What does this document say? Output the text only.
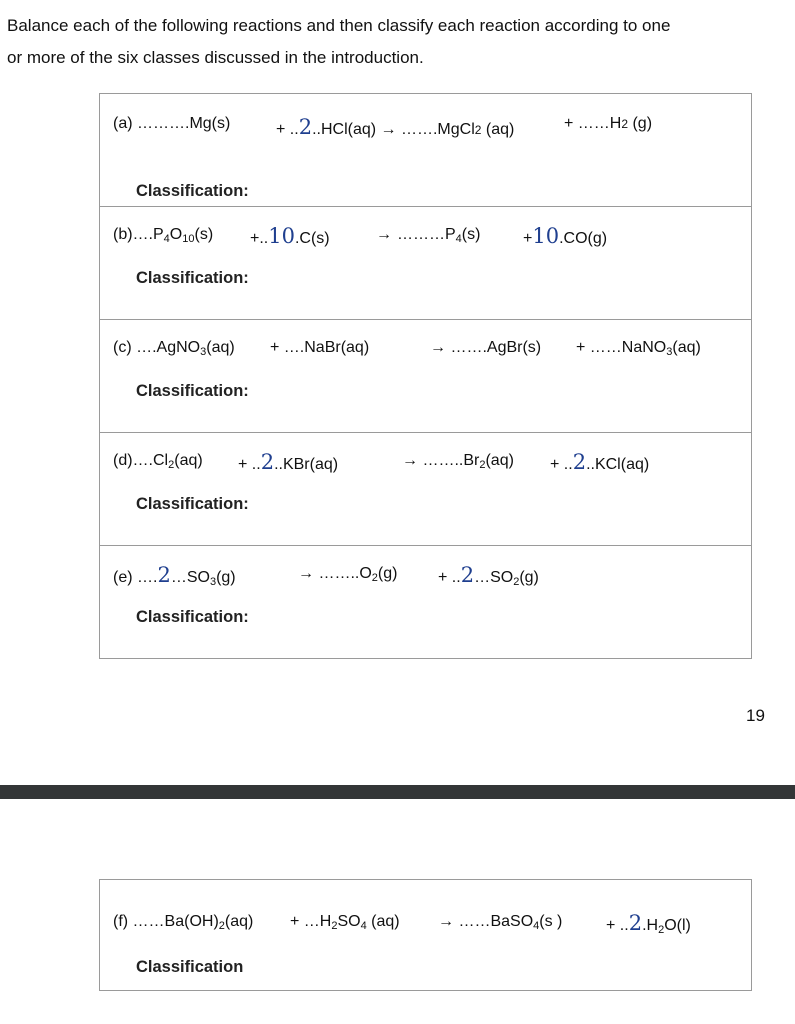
Balance each of the following reactions and then classify each reaction according to one
or more of the six classes discussed in the introduction.
(a) ……….Mg(s)	+ ..2..HCl(aq) → …….MgCl2 (aq)	+ ……H2 (g)
Classification:
$(b)\dots.P_4O_{10}(s) +..10.C(s)$	→ $\dots\dots\dots P_4(s)$	+10.CO(g)
Classification:
(c) ….AgNO$_3$(aq) + ….NaBr(aq)	→ …….AgBr(s) + ……NaNO$_3$(aq)
Classification:
$(d)\dots.Cl_2(aq) + ..2..KBr(aq)$	→ $\dots\dots..Br_2(aq) + ..2..KCl(aq)$
Classification:
(e) $\dots.2\dots SO_3(g)$	→ $\dots\dots..O_2(g)$	+ $..2\dots SO_2(g)$
Classification:
19
(f) $\dots\dots Ba(OH)_2(aq)$ + $\dots H_2SO_4$ (aq) → ……BaSO$_4$(s )	+ $..2.H_2O(l)$
Classification
